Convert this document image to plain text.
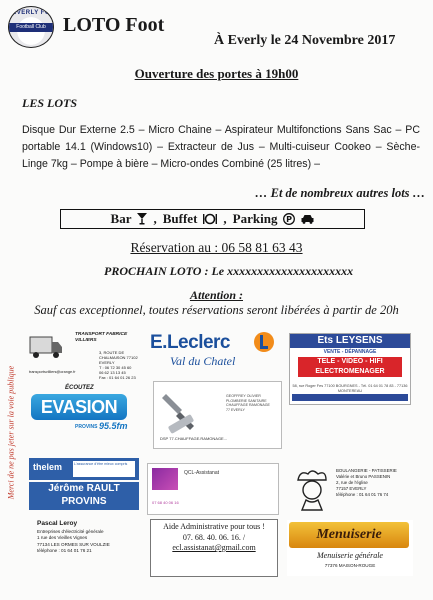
EVERLY FC
Football Club LOTO Foot
À Everly le 24 Novembre 2017
Ouverture des portes à 19h00
LES LOTS
Disque Dur Externe 2.5 – Micro Chaine – Aspirateur Multifonctions Sans Sac – PC portable 14.1 (Windows10) – Extracteur de Jus – Multi-cuiseur Cookeo – Sèche-Linge 7kg – Pompe à bière – Micro-ondes Combiné (25 litres) –
… Et de nombreux autres lots …
Bar , Buffet , Parking P
Réservation au : 06 58 81 63 43
PROCHAIN LOTO : Le xxxxxxxxxxxxxxxxxxxxx
Attention :
Sauf cas exceptionnel, toutes réservations seront libérées à partir de 20h
Merci de ne pas jeter sur la voie publique
TRANSPORT FABRICE VILLIERS
3, ROUTE DE CHALMAISON 77102 EVERLY
T : 06 72 30 45 60
06 62 13 13 45
Fax : 01 64 01 26 23
transportsvilliers@orange.fr
E.Leclerc
Val du Chatel
Ets LEYSENS
VENTE - DÉPANNAGE
TELE - VIDEO - HIFI
ELECTROMENAGER
58, rue Roger Fes 77100 BOURGNES - Tél. 01 64 01 78 83 - 77136 MONTEREAU
ÉCOUTEZ
EVASION
PROVINS 95.5fm
GEOFFREY OLIVIER
PLOMBERIE SANITAIRE
CHAUFFAGE RAMONAGE
77 EVERLY
DSP 77.CHAUFFAGE.RAMONAGE...
thelem	L'assurance d'être mieux compris
Jérôme RAULT
PROVINS
QCL-Assistanat
07 68 40 06 16
BOULANGERIE - PATISSERIE
Valérie et Bruno PASSENIN
2, rue de l'église
77157 EVERLY
téléphone : 01 64 01 76 74
Pascal Leroy
Entreprises d'électricité générale
1 rue des Vieilles Vignes
77134 LES ORMES SUR VOULZIE
téléphone : 01 64 01 76 21
Aide Administrative pour tous !
07. 68. 40. 06. 16. /
ecl.assistanat@gmail.com
Menuiserie
Menuiserie générale
77376 MAISON-ROUGE
